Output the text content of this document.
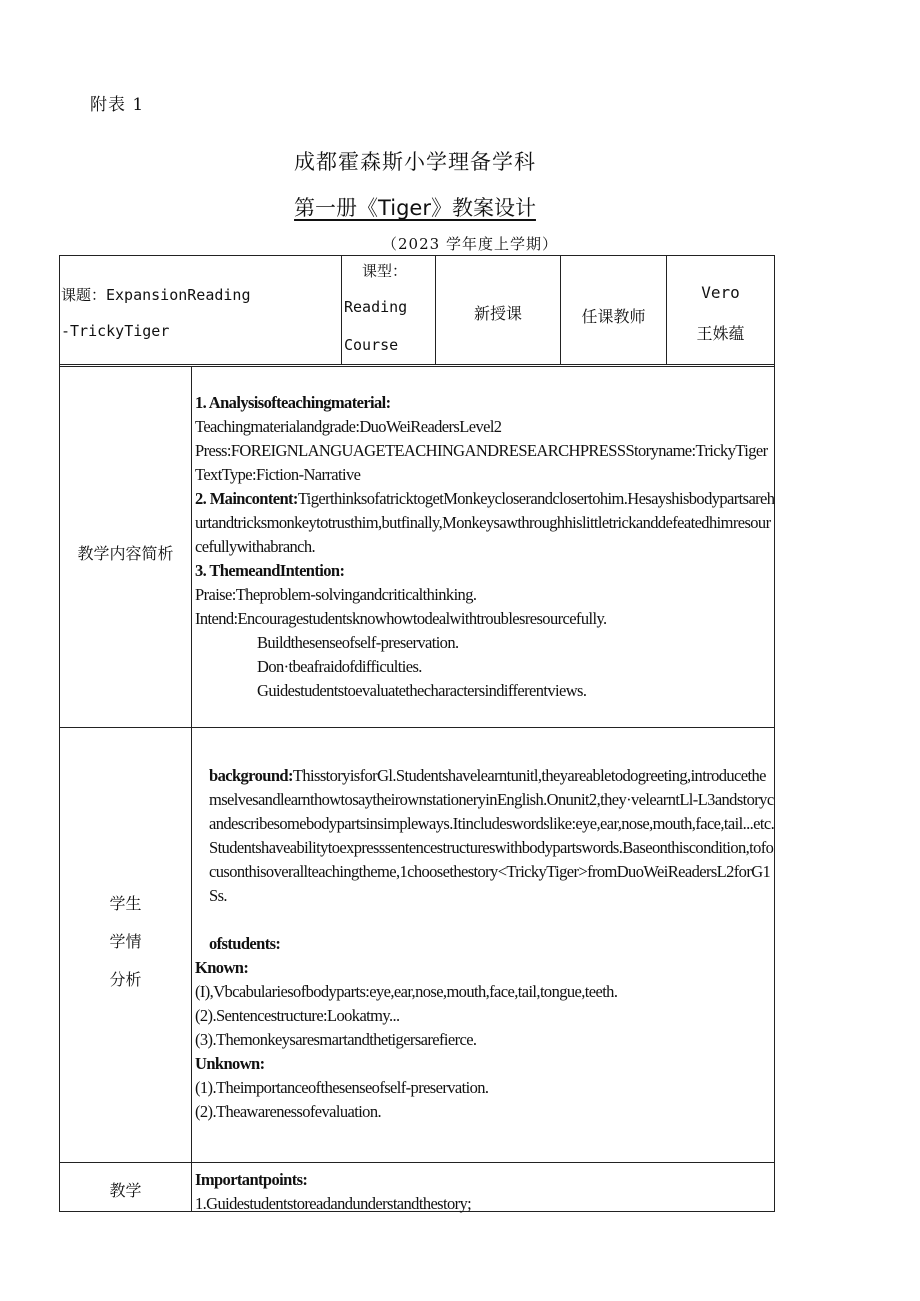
附表 1
成都霍森斯小学理备学科
第一册《Tiger》教案设计
（2023 学年度上学期）
课题：ExpansionReading
-TrickyTiger
课型：
Reading
Course
新授课	任课教师
Vero
王姝蕴
教学内容简析

1. Analysisofteachingmaterial:

Teachingmaterialandgrade:DuoWeiReadersLevel2

Press:FOREIGNLANGUAGETEACHINGANDRESEARCHPRESSStoryname:TrickyTiger

TextType:Fiction-Narrative

2. Maincontent:TigerthinksofatricktogetMonkeycloserandclosertohim.Hesayshisbodypartsarehurtandtricksmonkeytotrusthim,butfinally,Monkeysawthroughhislittletrickanddefeatedhimresourcefullywithabranch.

3. ThemeandIntention:

Praise:Theproblem-solvingandcriticalthinking.

Intend:Encouragestudentsknowhowtodealwithtroublesresourcefully.

Buildthesenseofself-preservation.

Don·tbeafraidofdifficulties.

Guidestudentstoevaluatethecharactersindifferentviews.

学生
学情
分析

background:ThisstoryisforGl.Studentshavelearntunitl,theyareabletodogreeting,introducethemselvesandlearnthowtosaytheirownstationeryinEnglish.Onunit2,they·velearntLl-L3andstorycandescribesomebodypartsinsimpleways.Itincludeswordslike:eye,ear,nose,mouth,face,tail...etc.Studentshaveabilitytoexpresssentencestructureswithbodypartswords.Baseonthiscondition,tofocusonthisoverallteachingtheme,1choosethestory<TrickyTiger>fromDuoWeiReadersL2forG1Ss.

ofstudents:

Known:

(I),Vbcabulariesofbodyparts:eye,ear,nose,mouth,face,tail,tongue,teeth.

(2).Sentencestructure:Lookatmy...

(3).Themonkeysaresmartandthetigersarefierce.

Unknown:

(1).Theimportanceofthesenseofself-preservation.

(2).Theawarenessofevaluation.

教学

Importantpoints:

1.Guidestudentstoreadandunderstandthestory;
